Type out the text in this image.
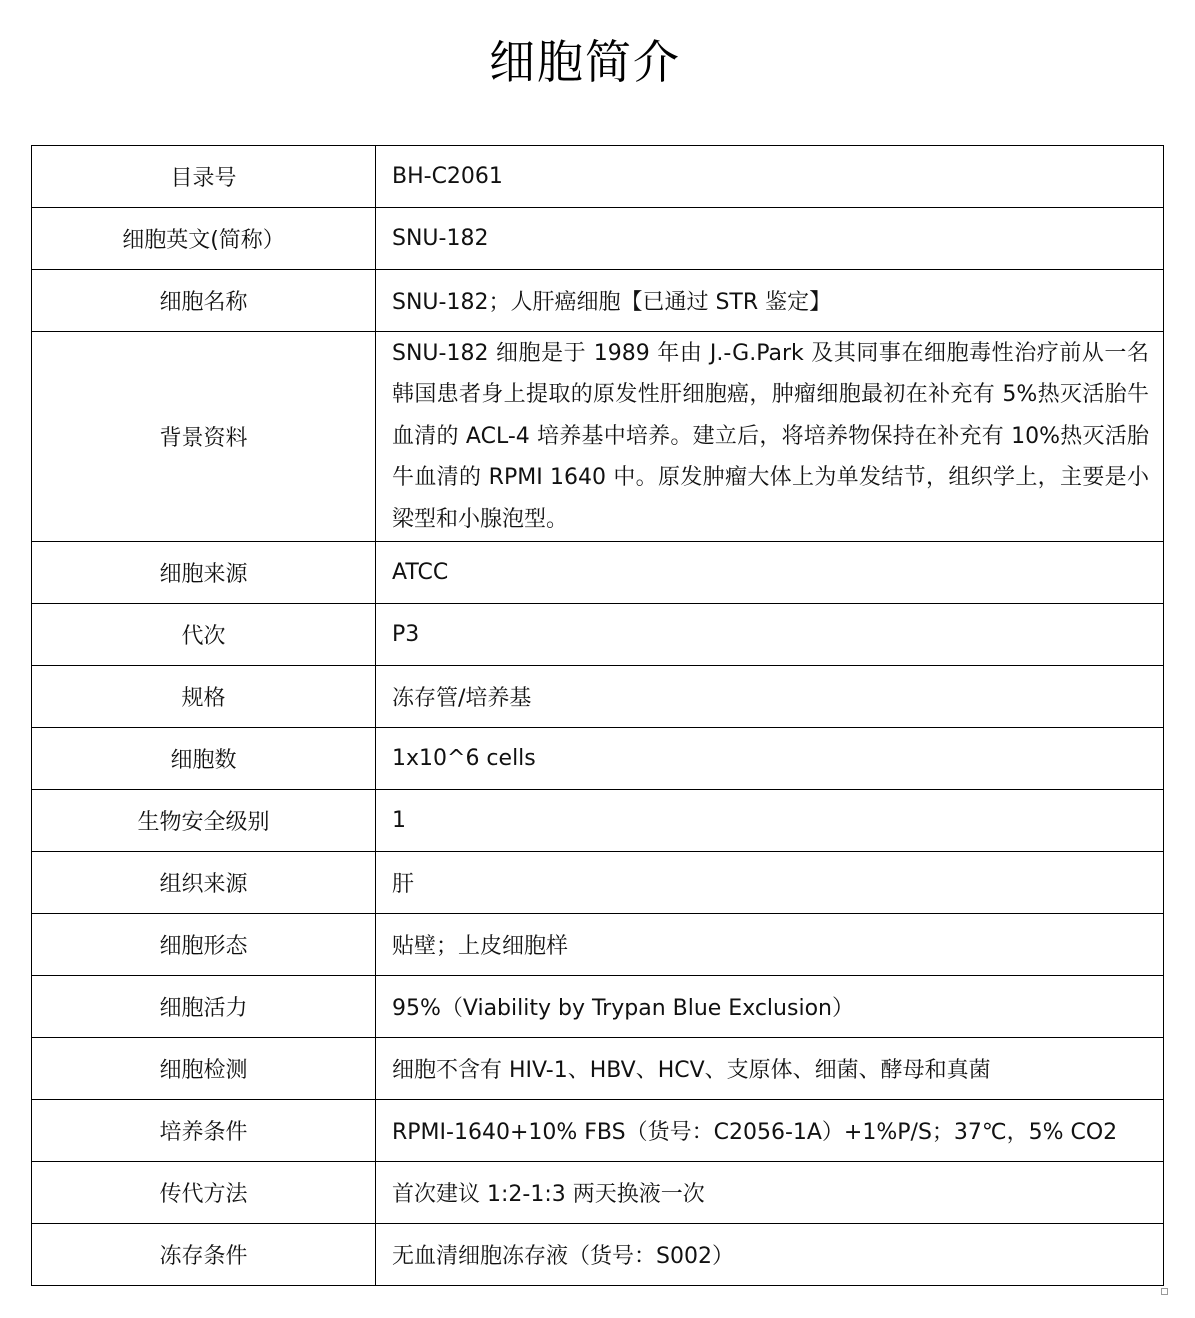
细胞简介
目录号	BH-C2061
细胞英文(简称）	SNU-182
细胞名称	SNU-182；人肝癌细胞【已通过 STR 鉴定】
背景资料	SNU-182 细胞是于 1989 年由 J.-G.Park 及其同事在细胞毒性治疗前从一名韩国患者身上提取的原发性肝细胞癌，肿瘤细胞最初在补充有 5%热灭活胎牛血清的 ACL-4 培养基中培养。建立后，将培养物保持在补充有 10%热灭活胎牛血清的 RPMI 1640 中。原发肿瘤大体上为单发结节，组织学上，主要是小梁型和小腺泡型。
细胞来源	ATCC
代次	P3
规格	冻存管/培养基
细胞数	1x10^6 cells
生物安全级别	1
组织来源	肝
细胞形态	贴壁；上皮细胞样
细胞活力	95%（Viability by Trypan Blue Exclusion）
细胞检测	细胞不含有 HIV-1、HBV、HCV、支原体、细菌、酵母和真菌
培养条件	RPMI-1640+10% FBS（货号：C2056-1A）+1%P/S；37℃，5% CO2
传代方法	首次建议 1:2-1:3 两天换液一次
冻存条件	无血清细胞冻存液（货号：S002）
